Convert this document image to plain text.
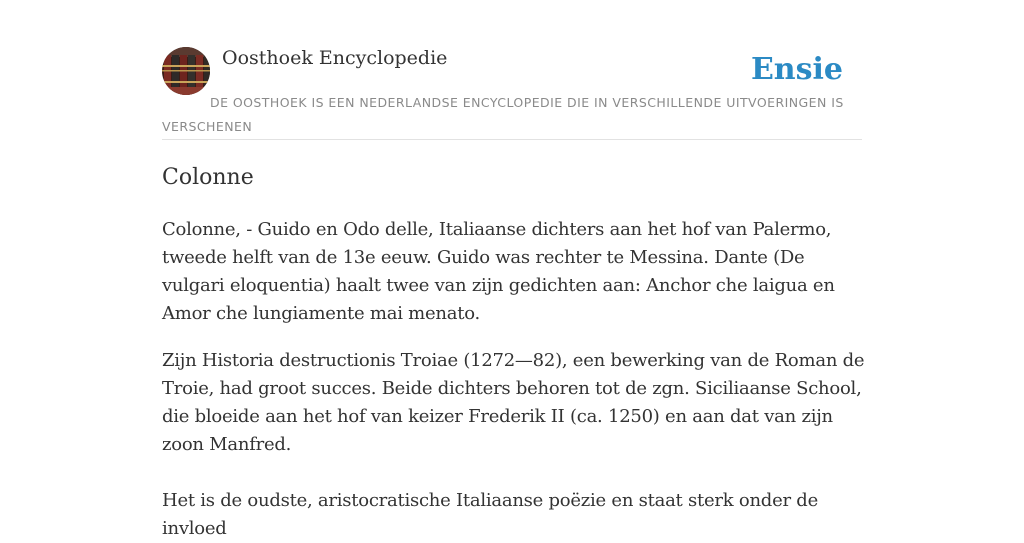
Oosthoek Encyclopedie	Ensie
DE OOSTHOEK IS EEN NEDERLANDSE ENCYCLOPEDIE DIE IN VERSCHILLENDE UITVOERINGEN IS VERSCHENEN
Colonne

Colonne, - Guido en Odo delle, Italiaanse dichters aan het hof van Palermo, tweede helft van de 13e eeuw. Guido was rechter te Messina. Dante (De vulgari eloquentia) haalt twee van zijn gedichten aan: Anchor che laigua en Amor che lungiamente mai menato.

Zijn Historia destructionis Troiae (1272—82), een bewerking van de Roman de Troie, had groot succes. Beide dichters behoren tot de zgn. Siciliaanse School, die bloeide aan het hof van keizer Frederik II (ca. 1250) en aan dat van zijn zoon Manfred.

Het is de oudste, aristocratische Italiaanse poëzie en staat sterk onder de invloed
